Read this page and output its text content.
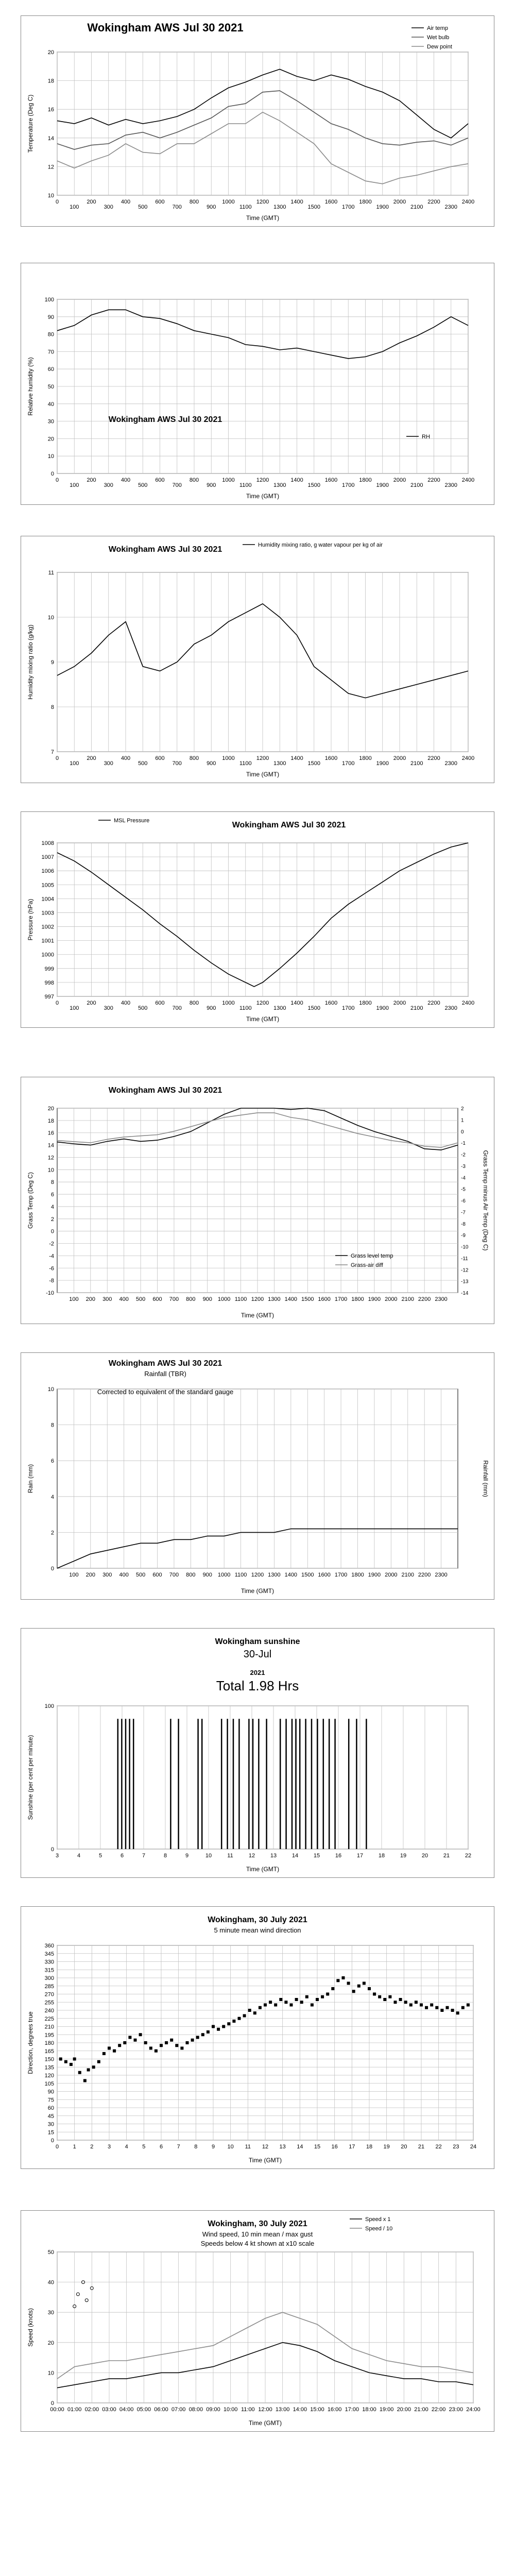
10
12
14
16
18
20
0
100
200
300
400
500
600
700
800
900
1000
1100
1200
1300
1400
1500
1600
1700
1800
1900
2000
2100
2200
2300
2400
Time (GMT)
Temperature (Deg C)
Wokingham AWS Jul 30 2021	Air temp
Wet bulb
Dew point
0
10
20
30
40
50
60
70
80
90
100
0
100
200
300
400
500
600
700
800
900
1000
1100
1200
1300
1400
1500
1600
1700
1800
1900
2000
2100
2200
2300
2400
Time (GMT)
Relative humidity (%)
Wokingham AWS Jul 30 2021
RH
7
8
9
10
11
0
100
200
300
400
500
600
700
800
900
1000
1100
1200
1300
1400
1500
1600
1700
1800
1900
2000
2100
2200
2300
2400
Time (GMT)
Humidity mixing ratio (g/kg)
Wokingham AWS Jul 30 2021	Humidity mixing ratio, g water vapour per kg of air
997
998
999
1000
1001
1002
1003
1004
1005
1006
1007
1008
0
100
200
300
400
500
600
700
800
900
1000
1100
1200
1300
1400
1500
1600
1700
1800
1900
2000
2100
2200
2300
2400
Time (GMT)
Pressure (hPa)
Wokingham AWS Jul 30 2021
MSL Pressure
-10
-8
-6
-4
-2
0
2
4
6
8
10
12
14
16
18
20
-14
-13
-12
-11
-10
-9
-8
-7
-6
-5
-4
-3
-2
-1
0
1
2
100 200 300 400 500 600 700 800 900 1000 1100 1200 1300 1400 1500 1600 1700 1800 1900 2000 2100 2200 2300
Time (GMT)
Grass Temp (Deg C)	Grass Temp minus Air Temp (Deg C)
Wokingham AWS Jul 30 2021
Grass level temp
Grass-air diff
0
2
4
6
8
10
100 200 300 400 500 600 700 800 900 1000 1100 1200 1300 1400 1500 1600 1700 1800 1900 2000 2100 2200 2300
Time (GMT)
Rain (mm)	Rainfall (mm)
Wokingham AWS Jul 30 2021
Rainfall (TBR)
Corrected to equivalent of the standard gauge
0
100
3	4	5	6	7	8	9	10	11	12	13	14	15	16	17	18	19	20	21	22
Time (GMT)
Sunshine (per cent per minute)
Wokingham sunshine
30-Jul
2021
Total 1.98 Hrs
0
15
30
45
60
75
90
105
120
135
150
165
180
195
210
225
240
255
270
285
300
315
330
345
360
0	1	2	3	4	5	6	7	8	9 10 11 12 13 14 15 16 17 18 19 20 21 22 23 24
Time (GMT)
Direction, degrees true
Wokingham, 30 July 2021
5 minute mean wind direction
0
10
20
30
40
50
00:00 01:00 02:00 03:00 04:00 05:00 06:00 07:00 08:00 09:00 10:00 11:00 12:00 13:00 14:00 15:00 16:00 17:00 18:00 19:00 20:00 21:00 22:00 23:00 24:00
Time (GMT)
Speed (knots)
Wokingham, 30 July 2021
Wind speed, 10 min mean / max gust
Speeds below 4 kt shown at x10 scale
Speed x 1
Speed / 10
